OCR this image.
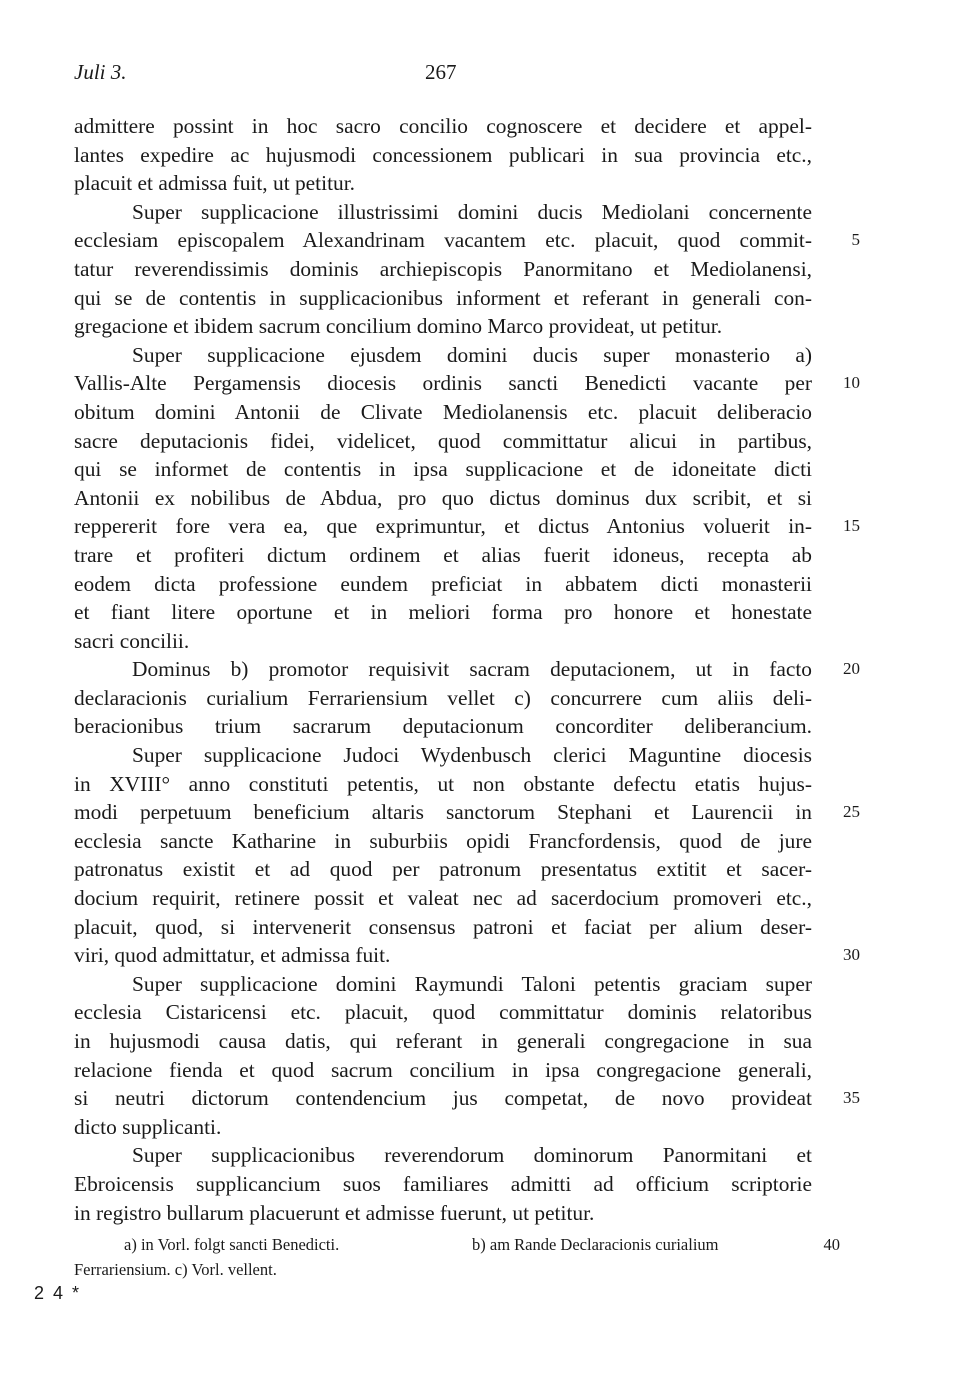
Juli 3.	267
admittere possint in hoc sacro concilio cognoscere et decidere et appel-
lantes expedire ac hujusmodi concessionem publicari in sua provincia etc.,
placuit et admissa fuit, ut petitur.
Super supplicacione illustrissimi domini ducis Mediolani concernente
ecclesiam episcopalem Alexandrinam vacantem etc. placuit, quod commit-	5
tatur reverendissimis dominis archiepiscopis Panormitano et Mediolanensi,
qui se de contentis in supplicacionibus informent et referant in generali con-
gregacione et ibidem sacrum concilium domino Marco provideat, ut petitur.
Super supplicacione ejusdem domini ducis super monasterio a)
Vallis-Alte Pergamensis diocesis ordinis sancti Benedicti vacante per	10
obitum domini Antonii de Clivate Mediolanensis etc. placuit deliberacio
sacre deputacionis fidei, videlicet, quod committatur alicui in partibus,
qui se informet de contentis in ipsa supplicacione et de idoneitate dicti
Antonii ex nobilibus de Abdua, pro quo dictus dominus dux scribit, et si
reppererit fore vera ea, que exprimuntur, et dictus Antonius voluerit in-	15
trare et profiteri dictum ordinem et alias fuerit idoneus, recepta ab
eodem dicta professione eundem preficiat in abbatem dicti monasterii
et fiant litere oportune et in meliori forma pro honore et honestate
sacri concilii.
Dominus b) promotor requisivit sacram deputacionem, ut in facto	20
declaracionis curialium Ferrariensium vellet c) concurrere cum aliis deli-
beracionibus trium sacrarum deputacionum concorditer deliberancium.
Super supplicacione Judoci Wydenbusch clerici Maguntine diocesis
in XVIII° anno constituti petentis, ut non obstante defectu etatis hujus-
modi perpetuum beneficium altaris sanctorum Stephani et Laurencii in	25
ecclesia sancte Katharine in suburbiis opidi Francfordensis, quod de jure
patronatus existit et ad quod per patronum presentatus extitit et sacer-
docium requirit, retinere possit et valeat nec ad sacerdocium promoveri etc.,
placuit, quod, si intervenerit consensus patroni et faciat per alium deser-
viri, quod admittatur, et admissa fuit.	30
Super supplicacione domini Raymundi Taloni petentis graciam super
ecclesia Cistaricensi etc. placuit, quod committatur dominis relatoribus
in hujusmodi causa datis, qui referant in generali congregacione in sua
relacione fienda et quod sacrum concilium in ipsa congregacione generali,
si neutri dictorum contendencium jus competat, de novo provideat	35
dicto supplicanti.
Super supplicacionibus reverendorum dominorum Panormitani et
Ebroicensis supplicancium suos familiares admitti ad officium scriptorie
in registro bullarum placuerunt et admisse fuerunt, ut petitur.
a) in Vorl. folgt sancti Benedicti.	b) am Rande Declaracionis curialium	40
Ferrariensium. c) Vorl. vellent.
2 4 *
